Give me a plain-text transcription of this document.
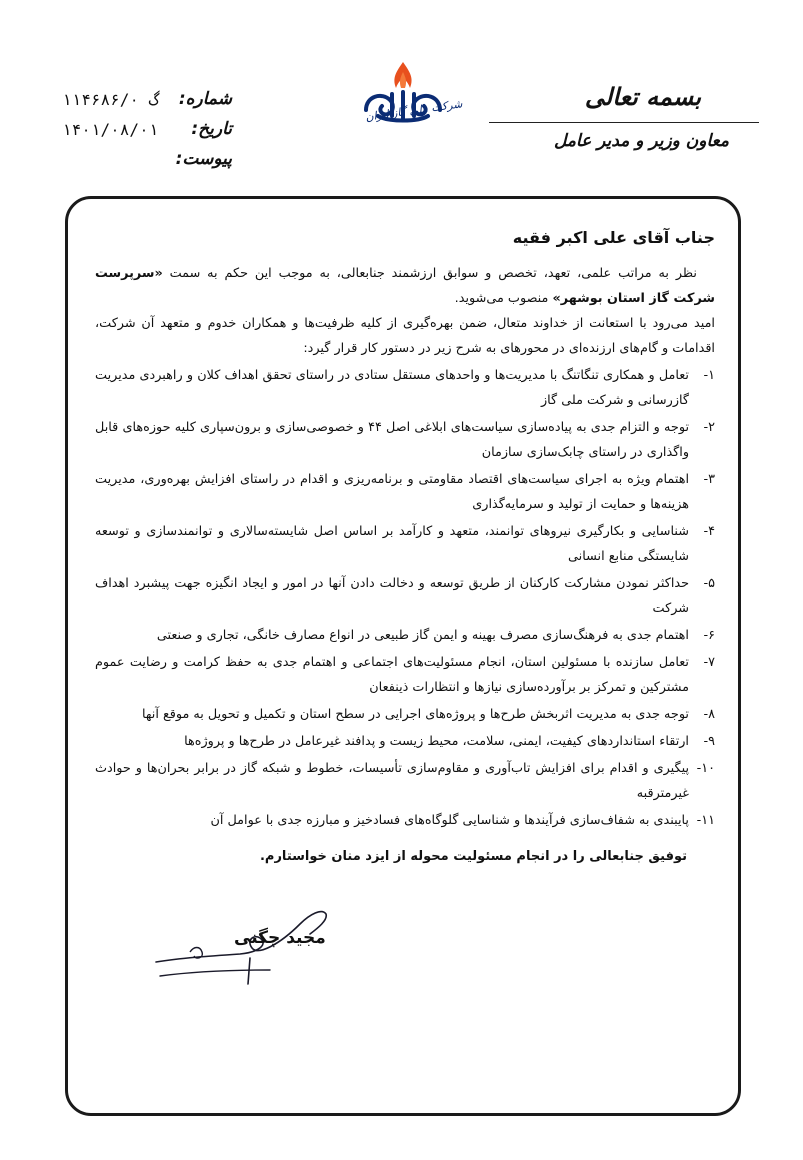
بسمه تعالی
معاون وزیر و مدیر عامل
شرکت ملی گاز ایران
شماره:
گ ۱۱۴۶۸۶/۰
تاریخ:
۱۴۰۱/۰۸/۰۱
پیوست:
جناب آقای علی اکبر فقیه

نظر به مراتب علمی، تعهد، تخصص و سوابق ارزشمند جنابعالی، به موجب این حکم به سمت «سرپرست شرکت گاز استان بوشهر» منصوب می‌شوید.

امید می‌رود با استعانت از خداوند متعال، ضمن بهره‌گیری از کلیه ظرفیت‌ها و همکاران خدوم و متعهد آن شرکت، اقدامات و گام‌های ارزنده‌ای در محورهای به شرح زیر در دستور کار قرار گیرد:

۱-
تعامل و همکاری تنگاتنگ با مدیریت‌ها و واحدهای مستقل ستادی در راستای تحقق اهداف کلان و راهبردی مدیریت گازرسانی و شرکت ملی گاز
۲-
توجه و التزام جدی به پیاده‌سازی سیاست‌های ابلاغی اصل ۴۴ و خصوصی‌سازی و برون‌سپاری کلیه حوزه‌های قابل واگذاری در راستای چابک‌سازی سازمان
۳-
اهتمام ویژه به اجرای سیاست‌های اقتصاد مقاومتی و برنامه‌ریزی و اقدام در راستای افزایش بهره‌وری، مدیریت هزینه‌ها و حمایت از تولید و سرمایه‌گذاری
۴-
شناسایی و بکارگیری نیروهای توانمند، متعهد و کارآمد بر اساس اصل شایسته‌سالاری و توانمندسازی و توسعه شایستگی منابع انسانی
۵-
حداکثر نمودن مشارکت کارکنان از طریق توسعه و دخالت دادن آنها در امور و ایجاد انگیزه جهت پیشبرد اهداف شرکت
۶-
اهتمام جدی به فرهنگ‌سازی مصرف بهینه و ایمن گاز طبیعی در انواع مصارف خانگی، تجاری و صنعتی
۷-
تعامل سازنده با مسئولین استان، انجام مسئولیت‌های اجتماعی و اهتمام جدی به حفظ کرامت و رضایت عموم مشترکین و تمرکز بر برآورده‌سازی نیازها و انتظارات ذینفعان
۸-
توجه جدی به مدیریت اثربخش طرح‌ها و پروژه‌های اجرایی در سطح استان و تکمیل و تحویل به موقع آنها
۹-
ارتقاء استانداردهای کیفیت، ایمنی، سلامت، محیط زیست و پدافند غیرعامل در طرح‌ها و پروژه‌ها
۱۰-
پیگیری و اقدام برای افزایش تاب‌آوری و مقاوم‌سازی تأسیسات، خطوط و شبکه گاز در برابر بحران‌ها و حوادث غیرمترقبه
۱۱-
پایبندی به شفاف‌سازی فرآیندها و شناسایی گلوگاه‌های فسادخیز و مبارزه جدی با عوامل آن
توفیق جنابعالی را در انجام مسئولیت محوله از ایزد منان خواستارم.
مجید چگنی
